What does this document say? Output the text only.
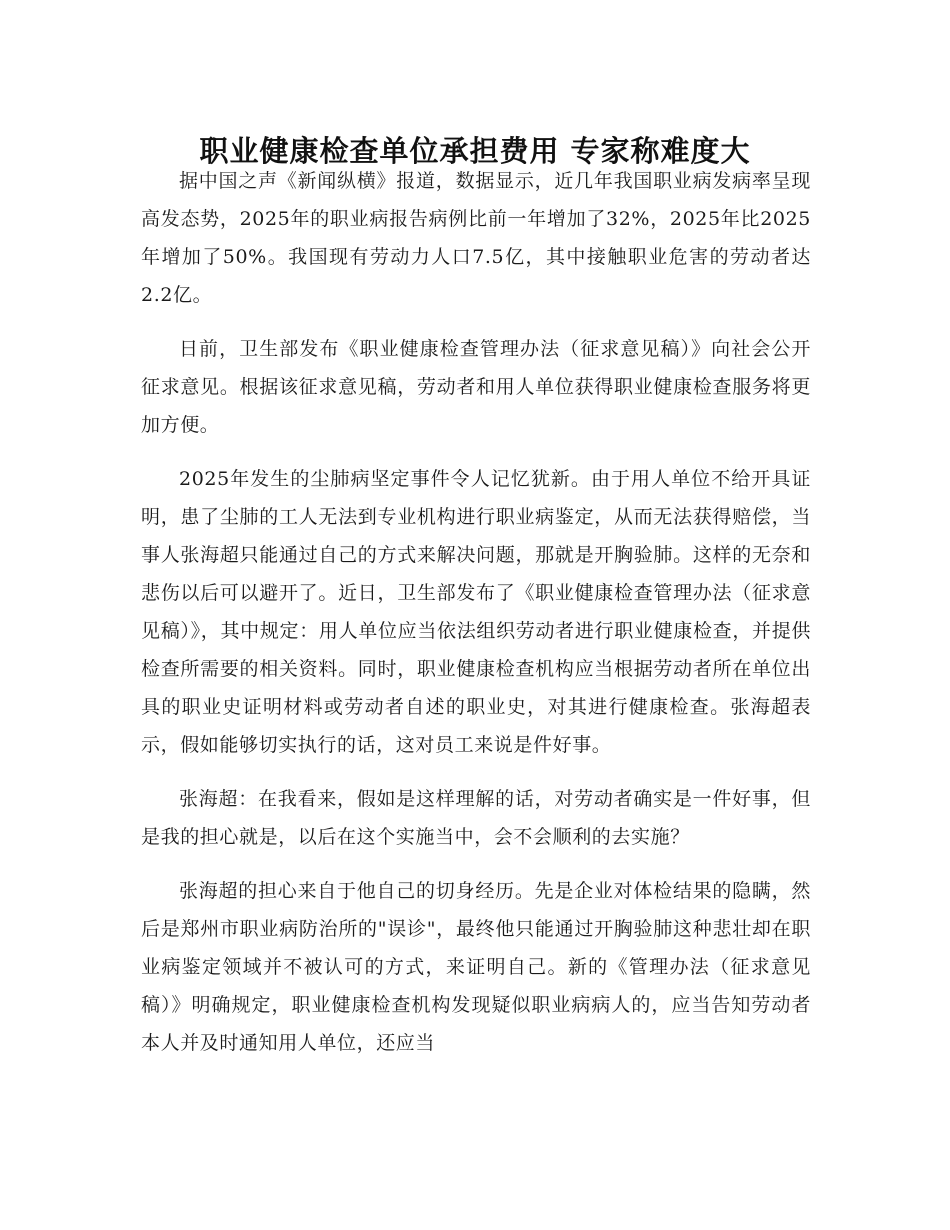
职业健康检查单位承担费用 专家称难度大

据中国之声《新闻纵横》报道，数据显示，近几年我国职业病发病率呈现高发态势，2025年的职业病报告病例比前一年增加了32%，2025年比2025年增加了50%。我国现有劳动力人口7.5亿，其中接触职业危害的劳动者达2.2亿。

日前，卫生部发布《职业健康检查管理办法（征求意见稿）》向社会公开征求意见。根据该征求意见稿，劳动者和用人单位获得职业健康检查服务将更加方便。

2025年发生的尘肺病坚定事件令人记忆犹新。由于用人单位不给开具证明，患了尘肺的工人无法到专业机构进行职业病鉴定，从而无法获得赔偿，当事人张海超只能通过自己的方式来解决问题，那就是开胸验肺。这样的无奈和悲伤以后可以避开了。近日，卫生部发布了《职业健康检查管理办法（征求意见稿）》，其中规定：用人单位应当依法组织劳动者进行职业健康检查，并提供检查所需要的相关资料。同时，职业健康检查机构应当根据劳动者所在单位出具的职业史证明材料或劳动者自述的职业史，对其进行健康检查。张海超表示，假如能够切实执行的话，这对员工来说是件好事。

张海超：在我看来，假如是这样理解的话，对劳动者确实是一件好事，但是我的担心就是，以后在这个实施当中，会不会顺利的去实施？

张海超的担心来自于他自己的切身经历。先是企业对体检结果的隐瞒，然后是郑州市职业病防治所的"误诊"，最终他只能通过开胸验肺这种悲壮却在职业病鉴定领域并不被认可的方式，来证明自己。新的《管理办法（征求意见稿）》明确规定，职业健康检查机构发现疑似职业病病人的，应当告知劳动者本人并及时通知用人单位，还应当
